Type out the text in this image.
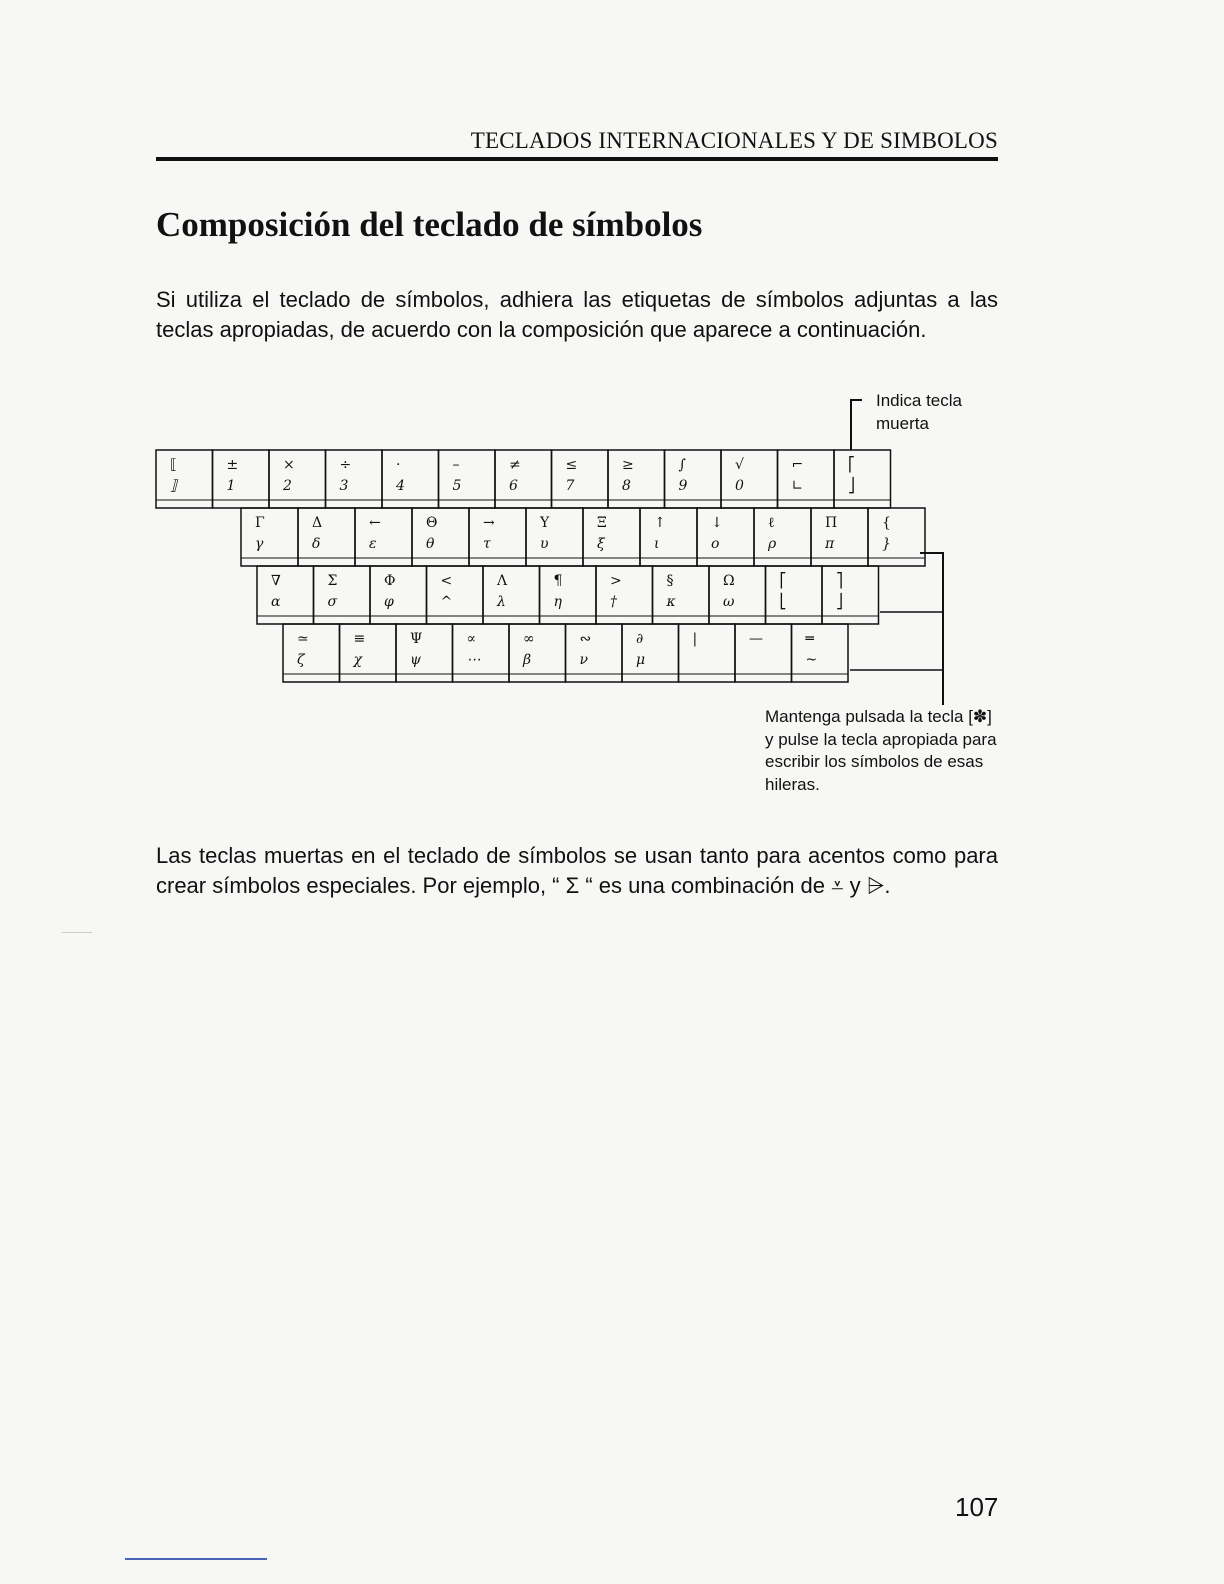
TECLADOS INTERNACIONALES Y DE SIMBOLOS
Composición del teclado de símbolos

Si utiliza el teclado de símbolos, adhiera las etiquetas de símbolos adjuntas a las teclas apropiadas, de acuerdo con la composición que aparece a continuación.

Indica tecla muerta
⟦
⟧
±
1
×
2
÷
3
·
4
–
5
≠
6
≤
7
≥
8
∫
9
√
0
⌐
∟
⎡
⎦
Γ
γ
Δ
δ
←
ε
Θ
θ
→
τ
Υ
υ
Ξ
ξ
↑
ι
↓
ο
ℓ
ρ
Π
π
{
}
∇
α
Σ
σ
Φ
φ
<
^
Λ
λ
¶
η
>
†
§
κ
Ω
ω
⎡
⎣
⎤
⎦
≃
ζ
≡
χ
Ψ
ψ
∝
⋯
∞
β
∾
ν
∂
μ
|	—	═
~
Mantenga pulsada la tecla [✽] y pulse la tecla apropiada para escribir los símbolos de esas hileras.

Las teclas muertas en el teclado de símbolos se usan tanto para acentos como para crear símbolos especiales. Por ejemplo, “ Σ “ es una combinación de ⩡ y ⩥.

107
